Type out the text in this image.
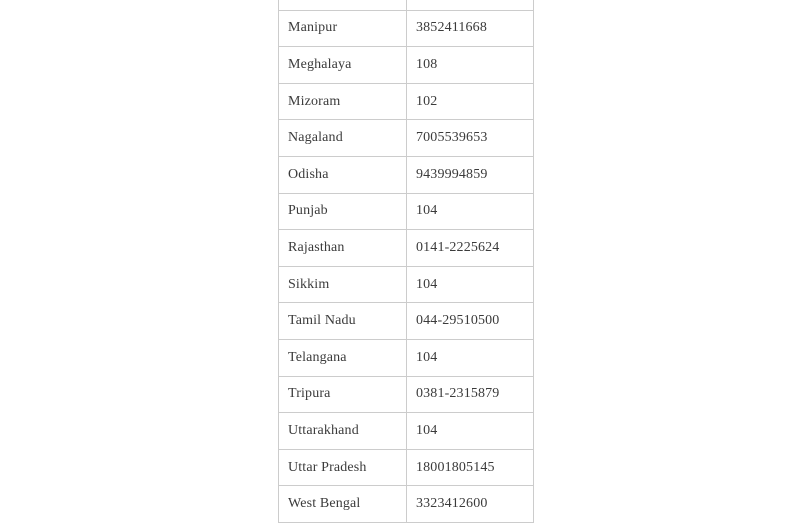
Manipur	3852411668
Meghalaya	108
Mizoram	102
Nagaland	7005539653
Odisha	9439994859
Punjab	104
Rajasthan	0141-2225624
Sikkim	104
Tamil Nadu	044-29510500
Telangana	104
Tripura	0381-2315879
Uttarakhand	104
Uttar Pradesh	18001805145
West Bengal	3323412600
